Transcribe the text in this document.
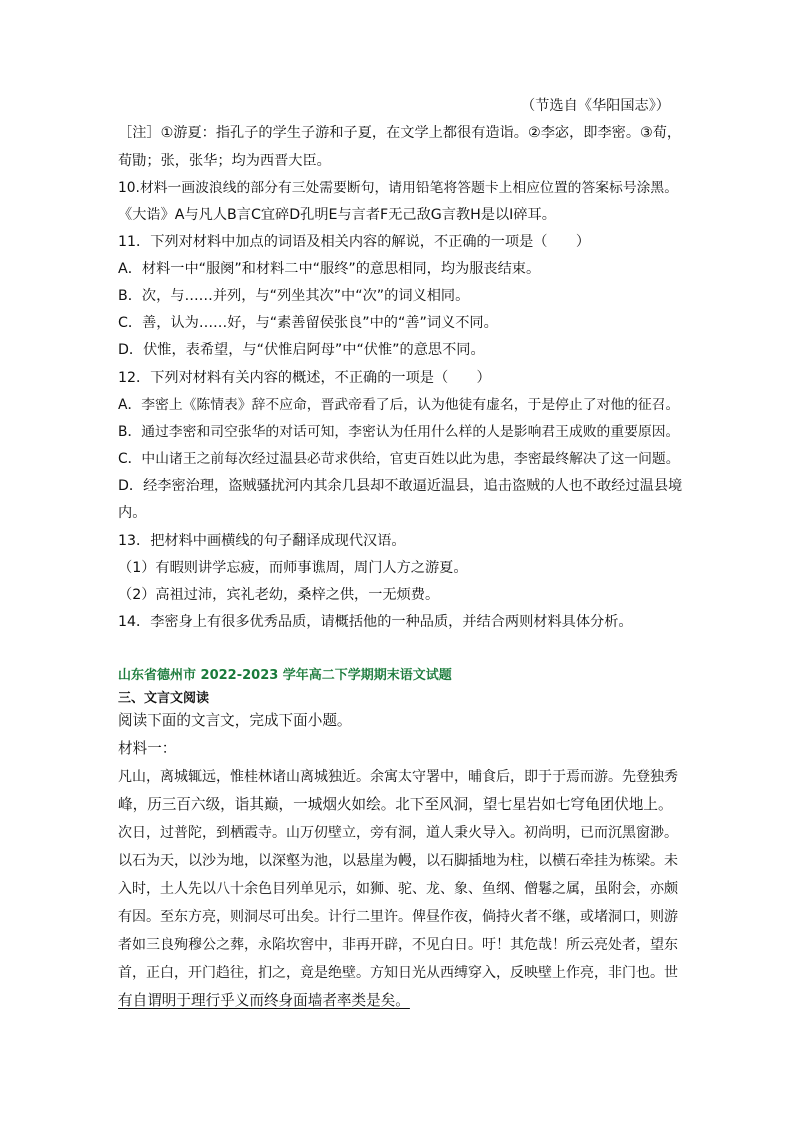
（节选自《华阳国志》）
［注］①游夏：指孔子的学生子游和子夏，在文学上都很有造诣。②李宓，即李密。③荀，
荀勖；张，张华；均为西晋大臣。
10.材料一画波浪线的部分有三处需要断句，请用铅笔将答题卡上相应位置的答案标号涂黑。
《大诰》A与凡人B言C宜碎D孔明E与言者F无己敌G言教H是以I碎耳。
11．下列对材料中加点的词语及相关内容的解说，不正确的一项是（　　）
A．材料一中“服阕”和材料二中“服终”的意思相同，均为服丧结束。
B．次，与……并列，与“列坐其次”中“次”的词义相同。
C．善，认为……好，与“素善留侯张良”中的“善”词义不同。
D．伏惟，表希望，与“伏惟启阿母”中“伏惟”的意思不同。
12．下列对材料有关内容的概述，不正确的一项是（　　）
A．李密上《陈情表》辞不应命，晋武帝看了后，认为他徒有虚名，于是停止了对他的征召。
B．通过李密和司空张华的对话可知，李密认为任用什么样的人是影响君王成败的重要原因。
C．中山诸王之前每次经过温县必苛求供给，官吏百姓以此为患，李密最终解决了这一问题。
D．经李密治理，盗贼骚扰河内其余几县却不敢逼近温县，追击盗贼的人也不敢经过温县境
内。
13．把材料中画横线的句子翻译成现代汉语。
（1）有暇则讲学忘疲，而师事谯周，周门人方之游夏。
（2）高祖过沛，宾礼老幼，桑梓之供，一无烦费。
14．李密身上有很多优秀品质，请概括他的一种品质，并结合两则材料具体分析。
山东省德州市 2022-2023 学年高二下学期期末语文试题
三、文言文阅读
阅读下面的文言文，完成下面小题。
材料一：
凡山，离城辄远，惟桂林诸山离城独近。余寓太守署中，晡食后，即于于焉而游。先登独秀
峰，历三百六级，诣其巅，一城烟火如绘。北下至风洞，望七星岩如七穹龟团伏地上。
次日，过普陀，到栖霞寺。山万仞壁立，旁有洞，道人秉火导入。初尚明，已而沉黑窗渺。
以石为天，以沙为地，以深壑为池，以悬崖为幔，以石脚插地为柱，以横石牵挂为栋梁。未
入时，土人先以八十余色目列单见示，如狮、驼、龙、象、鱼纲、僧鬈之属，虽附会，亦颇
有因。至东方亮，则洞尽可出矣。计行二里许。俾昼作夜，倘持火者不继，或堵洞口，则游
者如三良殉穆公之葬，永陷坎窖中，非再开辟，不见白日。吁！其危哉！所云亮处者，望东
首，正白，开门趋往，扪之，竟是绝壁。方知日光从西缚穿入，反映壁上作亮，非门也。世
有自谓明于理行乎义而终身面墙者率类是矣。
